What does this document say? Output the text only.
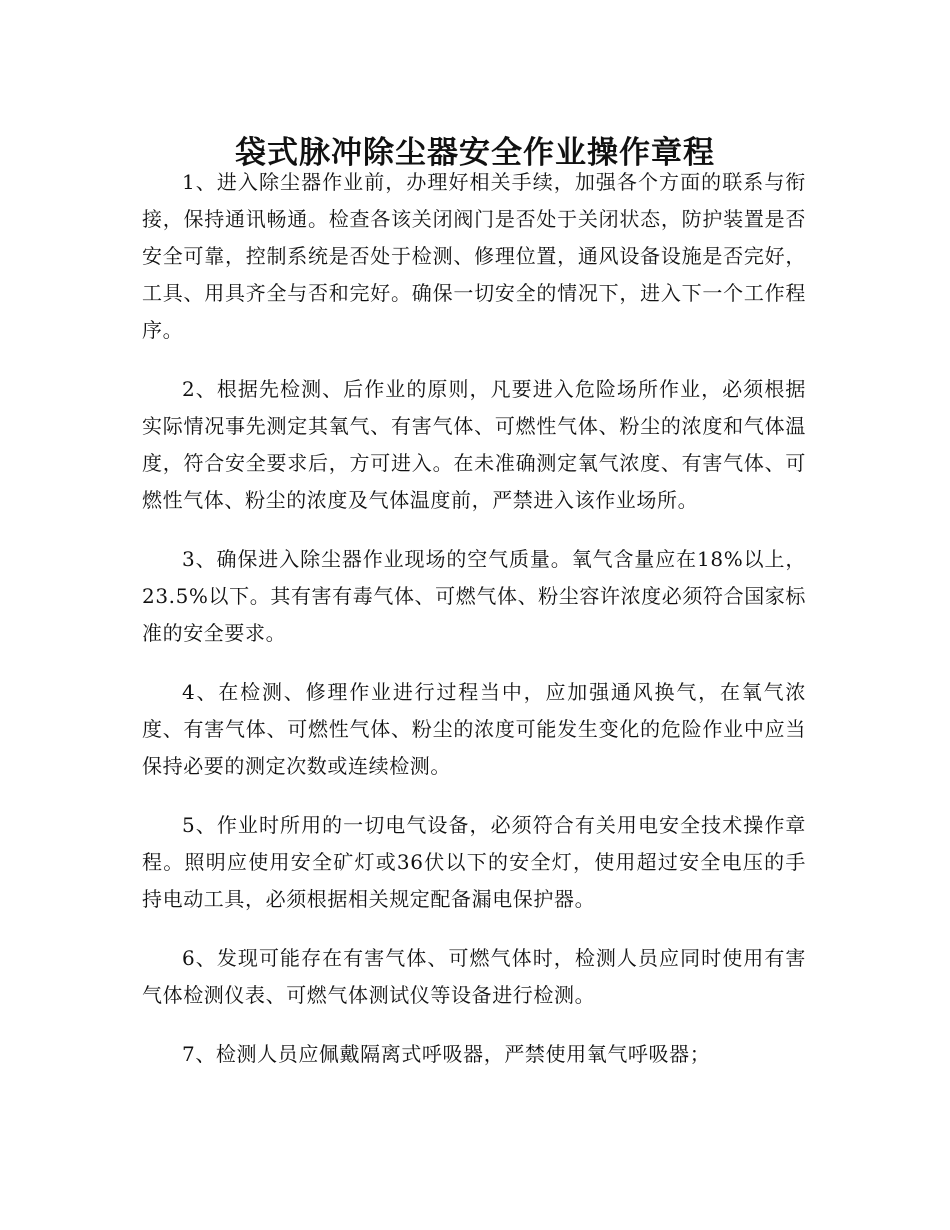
袋式脉冲除尘器安全作业操作章程

1、进入除尘器作业前，办理好相关手续，加强各个方面的联系与衔接，保持通讯畅通。检查各该关闭阀门是否处于关闭状态，防护装置是否安全可靠，控制系统是否处于检测、修理位置，通风设备设施是否完好，工具、用具齐全与否和完好。确保一切安全的情况下，进入下一个工作程序。

2、根据先检测、后作业的原则，凡要进入危险场所作业，必须根据实际情况事先测定其氧气、有害气体、可燃性气体、粉尘的浓度和气体温度，符合安全要求后，方可进入。在未准确测定氧气浓度、有害气体、可燃性气体、粉尘的浓度及气体温度前，严禁进入该作业场所。

3、确保进入除尘器作业现场的空气质量。氧气含量应在18%以上，23.5%以下。其有害有毒气体、可燃气体、粉尘容许浓度必须符合国家标准的安全要求。

4、在检测、修理作业进行过程当中，应加强通风换气，在氧气浓度、有害气体、可燃性气体、粉尘的浓度可能发生变化的危险作业中应当保持必要的测定次数或连续检测。

5、作业时所用的一切电气设备，必须符合有关用电安全技术操作章程。照明应使用安全矿灯或36伏以下的安全灯，使用超过安全电压的手持电动工具，必须根据相关规定配备漏电保护器。

6、发现可能存在有害气体、可燃气体时，检测人员应同时使用有害气体检测仪表、可燃气体测试仪等设备进行检测。

7、检测人员应佩戴隔离式呼吸器，严禁使用氧气呼吸器；
